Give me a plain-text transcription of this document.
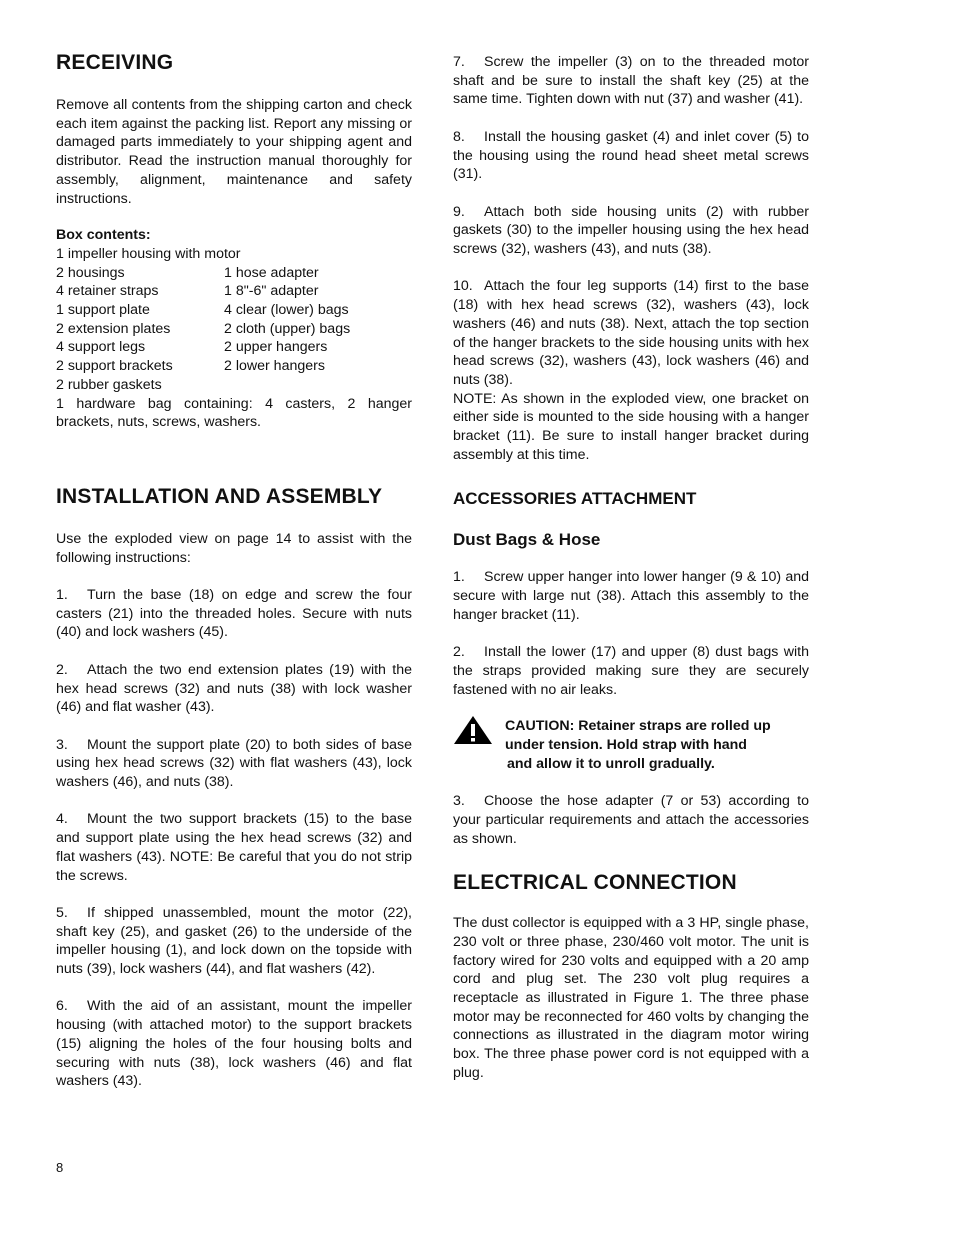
RECEIVING

Remove all contents from the shipping carton and check each item against the packing list. Report any missing or damaged parts immediately to your shipping agent and distributor. Read the instruction manual thoroughly for assembly, alignment, maintenance and safety instructions.

Box contents:
1 impeller housing with motor
2 housings
4 retainer straps
1 support plate
2 extension plates
4 support legs
2 support brackets
2 rubber gaskets
1 hose adapter
1 8"-6" adapter
4 clear (lower) bags
2 cloth (upper) bags
2 upper hangers
2 lower hangers

1 hardware bag containing: 4 casters, 2 hanger brackets, nuts, screws, washers.

INSTALLATION AND ASSEMBLY

Use the exploded view on page 14 to assist with the following instructions:

1. Turn the base (18) on edge and screw the four casters (21) into the threaded holes. Secure with nuts (40) and lock washers (45).

2. Attach the two end extension plates (19) with the hex head screws (32) and nuts (38) with lock washer (46) and flat washer (43).

3. Mount the support plate (20) to both sides of base using hex head screws (32) with flat washers (43), lock washers (46), and nuts (38).

4. Mount the two support brackets (15) to the base and support plate using the hex head screws (32) and flat washers (43). NOTE: Be careful that you do not strip the screws.

5. If shipped unassembled, mount the motor (22), shaft key (25), and gasket (26) to the underside of the impeller housing (1), and lock down on the topside with nuts (39), lock washers (44), and flat washers (42).

6. With the aid of an assistant, mount the impeller housing (with attached motor) to the support brackets (15) aligning the holes of the four housing bolts and securing with nuts (38), lock washers (46) and flat washers (43).

7. Screw the impeller (3) on to the threaded motor shaft and be sure to install the shaft key (25) at the same time. Tighten down with nut (37) and washer (41).

8. Install the housing gasket (4) and inlet cover (5) to the housing using the round head sheet metal screws (31).

9. Attach both side housing units (2) with rubber gaskets (30) to the impeller housing using the hex head screws (32), washers (43), and nuts (38).

10. Attach the four leg supports (14) first to the base (18) with hex head screws (32), washers (43), lock washers (46) and nuts (38). Next, attach the top section of the hanger brackets to the side housing units with hex head screws (32), washers (43), lock washers (46) and nuts (38).

NOTE: As shown in the exploded view, one bracket on either side is mounted to the side housing with a hanger bracket (11). Be sure to install hanger bracket during assembly at this time.

ACCESSORIES ATTACHMENT
Dust Bags & Hose

1. Screw upper hanger into lower hanger (9 & 10) and secure with large nut (38). Attach this assembly to the hanger bracket (11).

2. Install the lower (17) and upper (8) dust bags with the straps provided making sure they are securely fastened with no air leaks.

CAUTION: Retainer straps are rolled up
under tension. Hold strap with hand
and allow it to unroll gradually.

3. Choose the hose adapter (7 or 53) according to your particular requirements and attach the accessories as shown.

ELECTRICAL CONNECTION

The dust collector is equipped with a 3 HP, single phase, 230 volt or three phase, 230/460 volt motor. The unit is factory wired for 230 volts and equipped with a 20 amp cord and plug set. The 230 volt plug requires a receptacle as illustrated in Figure 1. The three phase motor may be reconnected for 460 volts by changing the connections as illustrated in the diagram motor wiring box. The three phase power cord is not equipped with a plug.

8
